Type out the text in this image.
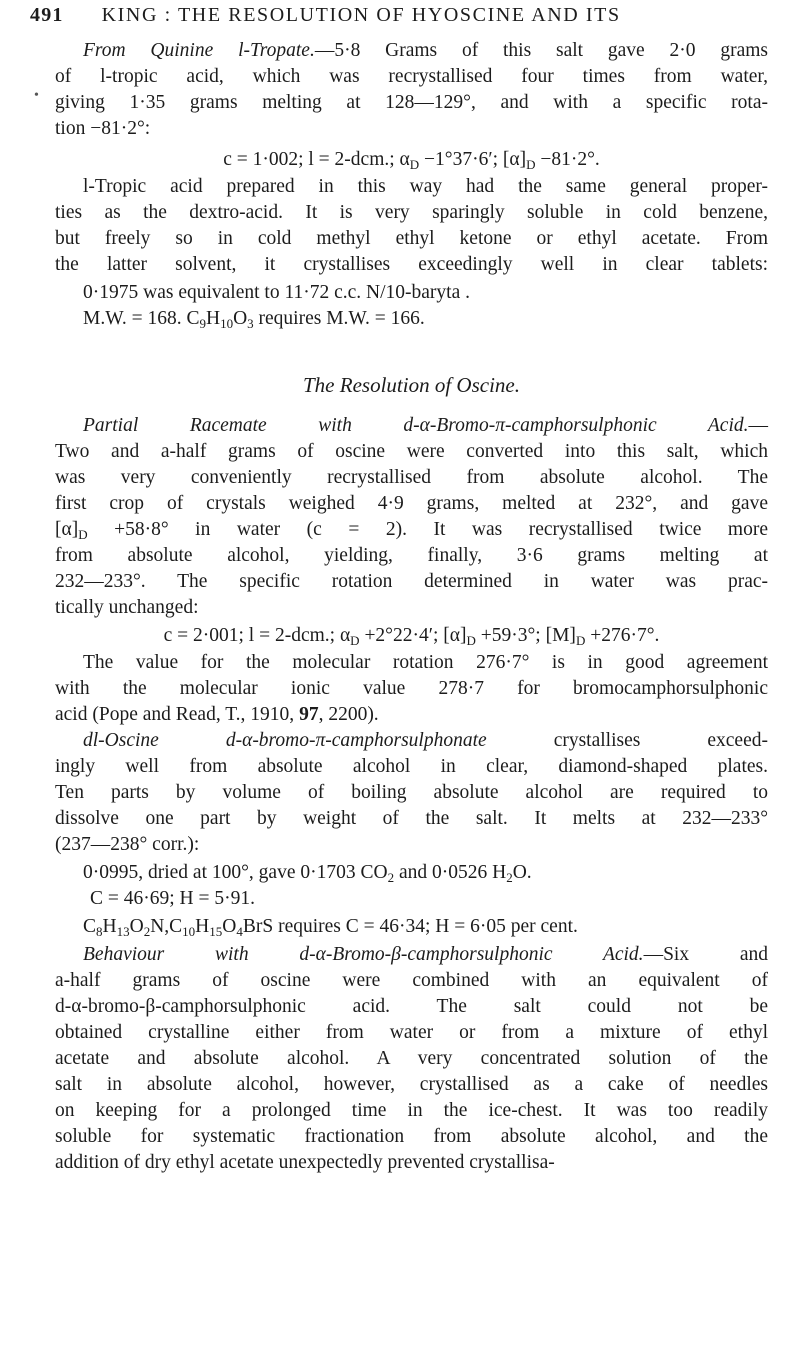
491 KING : THE RESOLUTION OF HYOSCINE AND ITS
•
From Quinine l-Tropate.—5·8 Grams of this salt gave 2·0 grams
of l-tropic acid, which was recrystallised four times from water,
giving 1·35 grams melting at 128—129°, and with a specific rota-
tion −81·2°:
c = 1·002; l = 2-dcm.; $\alpha_D -1^\circ 37\cdot 6'$; $[\alpha]_D -81\cdot 2^\circ$.
l-Tropic acid prepared in this way had the same general proper-
ties as the dextro-acid. It is very sparingly soluble in cold benzene,
but freely so in cold methyl ethyl ketone or ethyl acetate. From
the latter solvent, it crystallises exceedingly well in clear tablets:
0·1975 was equivalent to 11·72 c.c. N/10-baryta .
M.W. = 168. $C_9H_{10}O_3$ requires M.W. = 166.
The Resolution of Oscine.
Partial Racemate with d-α-Bromo-π-camphorsulphonic Acid.—
Two and a-half grams of oscine were converted into this salt, which
was very conveniently recrystallised from absolute alcohol. The
first crop of crystals weighed 4·9 grams, melted at 232°, and gave
$[\alpha]_D +58\cdot 8^\circ$ in water (c = 2). It was recrystallised twice more
from absolute alcohol, yielding, finally, 3·6 grams melting at
232—233°. The specific rotation determined in water was prac-
tically unchanged:
c = 2·001; l = 2-dcm.; $\alpha_D +2^\circ 22\cdot 4'$; $[\alpha]_D +59\cdot 3^\circ$; $[M]_D +276\cdot 7^\circ$.
The value for the molecular rotation 276·7° is in good agreement
with the molecular ionic value 278·7 for bromocamphorsulphonic
acid (Pope and Read, T., 1910, 97, 2200).
dl-Oscine d-α-bromo-π-camphorsulphonate crystallises exceed-
ingly well from absolute alcohol in clear, diamond-shaped plates.
Ten parts by volume of boiling absolute alcohol are required to
dissolve one part by weight of the salt. It melts at 232—233°
(237—238° corr.):
0·0995, dried at 100°, gave 0·1703 $CO_2$ and 0·0526 $H_2O$.
C = 46·69; H = 5·91.
$C_8H_{13}O_2N,C_{10}H_{15}O_4BrS$ requires C = 46·34; H = 6·05 per cent.
Behaviour with d-α-Bromo-β-camphorsulphonic Acid.—Six and
a-half grams of oscine were combined with an equivalent of
d-α-bromo-β-camphorsulphonic acid. The salt could not be
obtained crystalline either from water or from a mixture of ethyl
acetate and absolute alcohol. A very concentrated solution of the
salt in absolute alcohol, however, crystallised as a cake of needles
on keeping for a prolonged time in the ice-chest. It was too readily
soluble for systematic fractionation from absolute alcohol, and the
addition of dry ethyl acetate unexpectedly prevented crystallisa-
